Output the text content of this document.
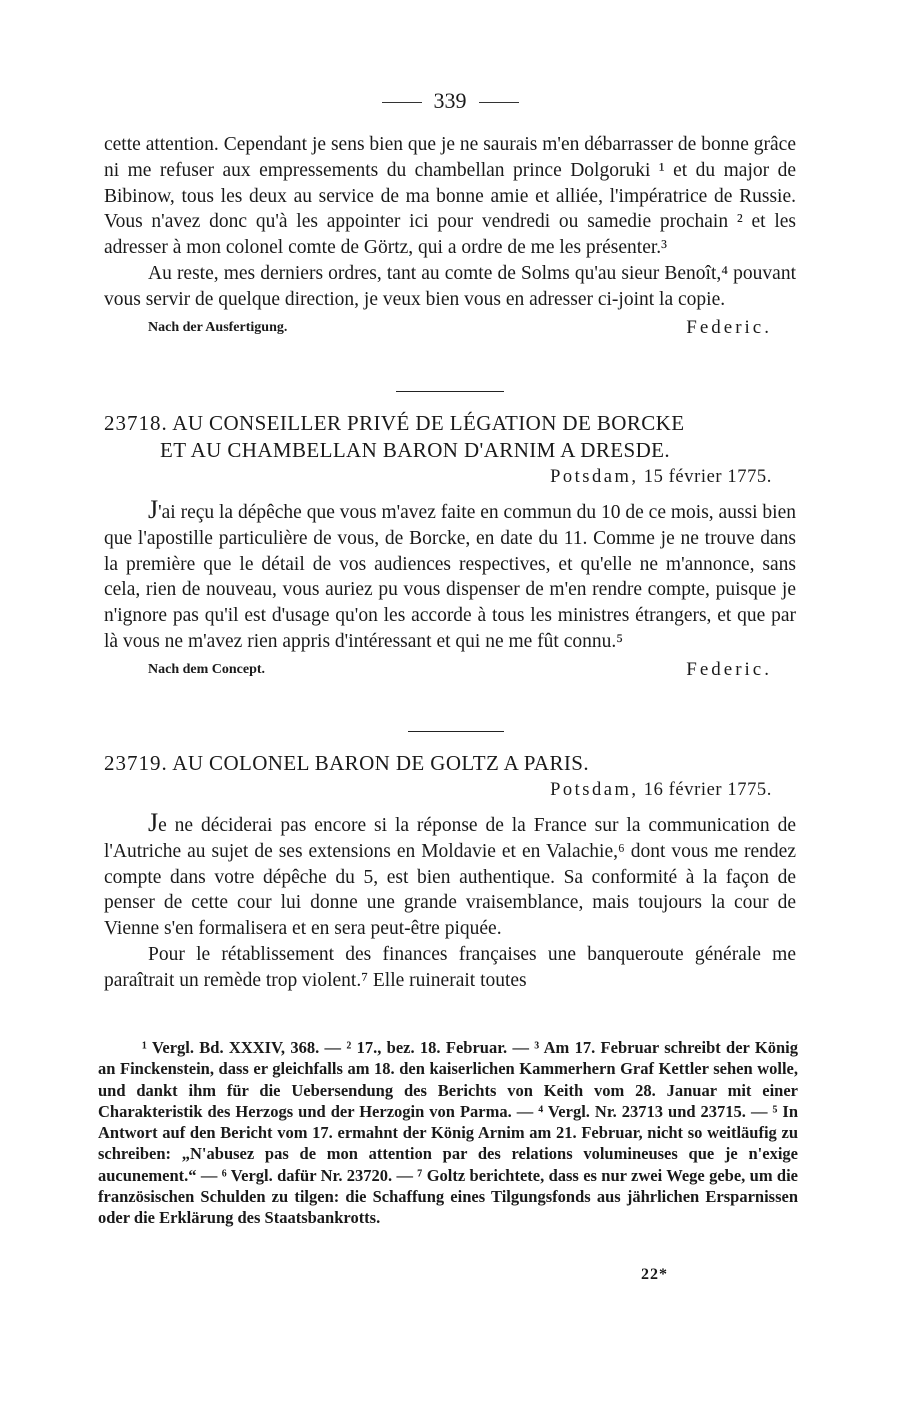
339

cette attention. Cependant je sens bien que je ne saurais m'en débarrasser de bonne grâce ni me refuser aux empressements du chambellan prince Dolgoruki ¹ et du major de Bibinow, tous les deux au service de ma bonne amie et alliée, l'impératrice de Russie. Vous n'avez donc qu'à les appointer ici pour vendredi ou samedie prochain ² et les adresser à mon colonel comte de Görtz, qui a ordre de me les présenter.³

Au reste, mes derniers ordres, tant au comte de Solms qu'au sieur Benoît,⁴ pouvant vous servir de quelque direction, je veux bien vous en adresser ci-joint la copie.

Nach der Ausfertigung.	Federic.
23718. AU CONSEILLER PRIVÉ DE LÉGATION DE BORCKE
ET AU CHAMBELLAN BARON D'ARNIM A DRESDE.
Potsdam, 15 février 1775.

J'ai reçu la dépêche que vous m'avez faite en commun du 10 de ce mois, aussi bien que l'apostille particulière de vous, de Borcke, en date du 11. Comme je ne trouve dans la première que le détail de vos audiences respectives, et qu'elle ne m'annonce, sans cela, rien de nouveau, vous auriez pu vous dispenser de m'en rendre compte, puisque je n'ignore pas qu'il est d'usage qu'on les accorde à tous les ministres étrangers, et que par là vous ne m'avez rien appris d'intéressant et qui ne me fût connu.⁵

Nach dem Concept.	Federic.
23719. AU COLONEL BARON DE GOLTZ A PARIS.
Potsdam, 16 février 1775.

Je ne déciderai pas encore si la réponse de la France sur la communication de l'Autriche au sujet de ses extensions en Moldavie et en Valachie,⁶ dont vous me rendez compte dans votre dépêche du 5, est bien authentique. Sa conformité à la façon de penser de cette cour lui donne une grande vraisemblance, mais toujours la cour de Vienne s'en formalisera et en sera peut-être piquée.

Pour le rétablissement des finances françaises une banqueroute générale me paraîtrait un remède trop violent.⁷ Elle ruinerait toutes

¹ Vergl. Bd. XXXIV, 368. — ² 17., bez. 18. Februar. — ³ Am 17. Februar schreibt der König an Finckenstein, dass er gleichfalls am 18. den kaiserlichen Kammerhern Graf Kettler sehen wolle, und dankt ihm für die Uebersendung des Berichts von Keith vom 28. Januar mit einer Charakteristik des Herzogs und der Herzogin von Parma. — ⁴ Vergl. Nr. 23713 und 23715. — ⁵ In Antwort auf den Bericht vom 17. ermahnt der König Arnim am 21. Februar, nicht so weitläufig zu schreiben: „N'abusez pas de mon attention par des relations volumineuses que je n'exige aucunement.“ — ⁶ Vergl. dafür Nr. 23720. — ⁷ Goltz berichtete, dass es nur zwei Wege gebe, um die französischen Schulden zu tilgen: die Schaffung eines Tilgungsfonds aus jährlichen Ersparnissen oder die Erklärung des Staatsbankrotts.

22*
